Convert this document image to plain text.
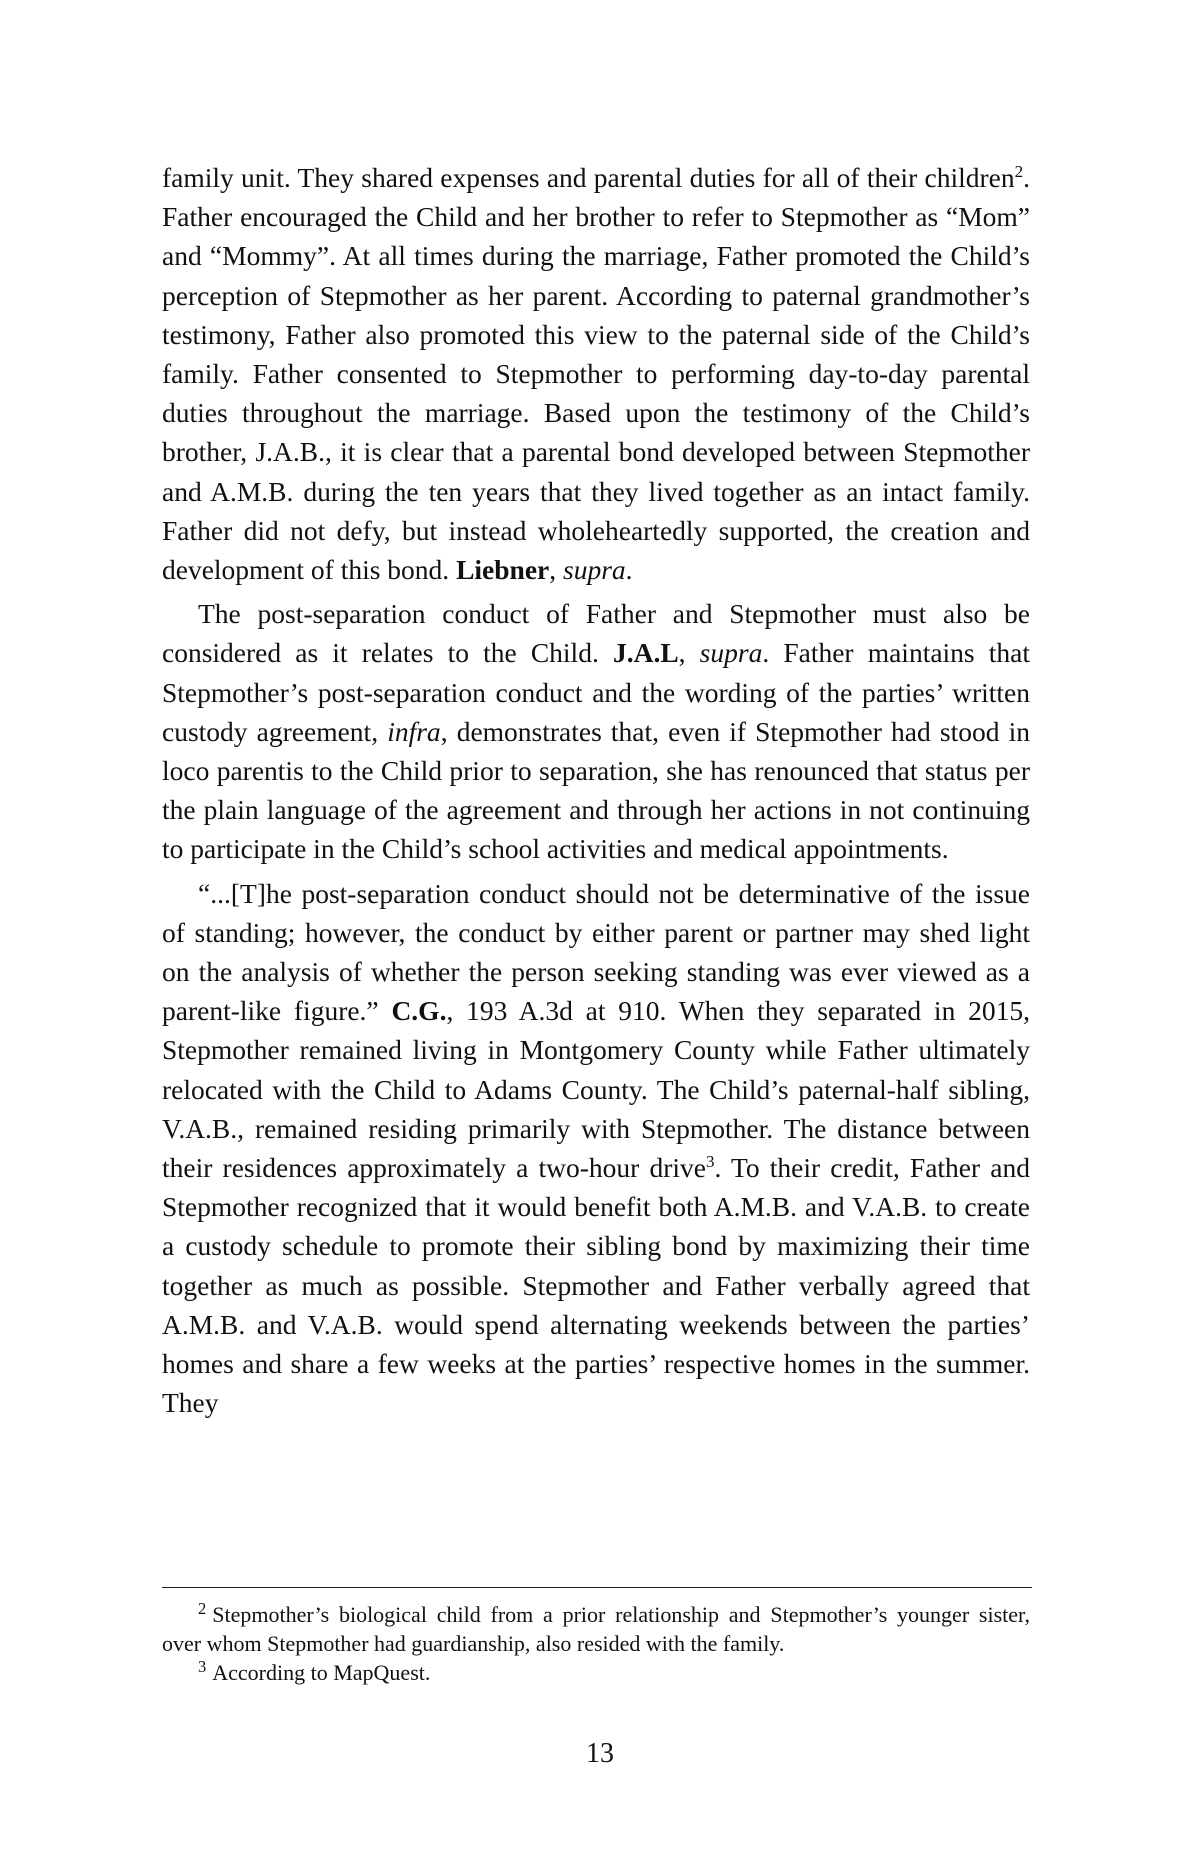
family unit. They shared expenses and parental duties for all of their children$^2$. Father encouraged the Child and her brother to refer to Stepmother as “Mom” and “Mommy”. At all times during the marriage, Father promoted the Child’s perception of Stepmother as her parent. According to paternal grandmother’s testimony, Father also promoted this view to the paternal side of the Child’s family. Father consented to Stepmother to performing day-to-day parental duties throughout the marriage. Based upon the testimony of the Child’s brother, J.A.B., it is clear that a parental bond developed between Stepmother and A.M.B. during the ten years that they lived together as an intact family. Father did not defy, but instead wholeheartedly supported, the creation and development of this bond. Liebner, supra.

The post-separation conduct of Father and Stepmother must also be considered as it relates to the Child. J.A.L, supra. Father maintains that Stepmother’s post-separation conduct and the wording of the parties’ written custody agreement, infra, demonstrates that, even if Stepmother had stood in loco parentis to the Child prior to separation, she has renounced that status per the plain language of the agreement and through her actions in not continuing to participate in the Child’s school activities and medical appointments.

“...[T]he post-separation conduct should not be determinative of the issue of standing; however, the conduct by either parent or partner may shed light on the analysis of whether the person seeking standing was ever viewed as a parent-like figure.” C.G., 193 A.3d at 910. When they separated in 2015, Stepmother remained living in Montgomery County while Father ultimately relocated with the Child to Adams County. The Child’s paternal-half sibling, V.A.B., remained residing primarily with Stepmother. The distance between their residences approximately a two-hour drive$^3$. To their credit, Father and Stepmother recognized that it would benefit both A.M.B. and V.A.B. to create a custody schedule to promote their sibling bond by maximizing their time together as much as possible. Stepmother and Father verbally agreed that A.M.B. and V.A.B. would spend alternating weekends between the parties’ homes and share a few weeks at the parties’ respective homes in the summer. They

$^2$ Stepmother’s biological child from a prior relationship and Stepmother’s younger sister, over whom Stepmother had guardianship, also resided with the family.

$^3$ According to MapQuest.

13
